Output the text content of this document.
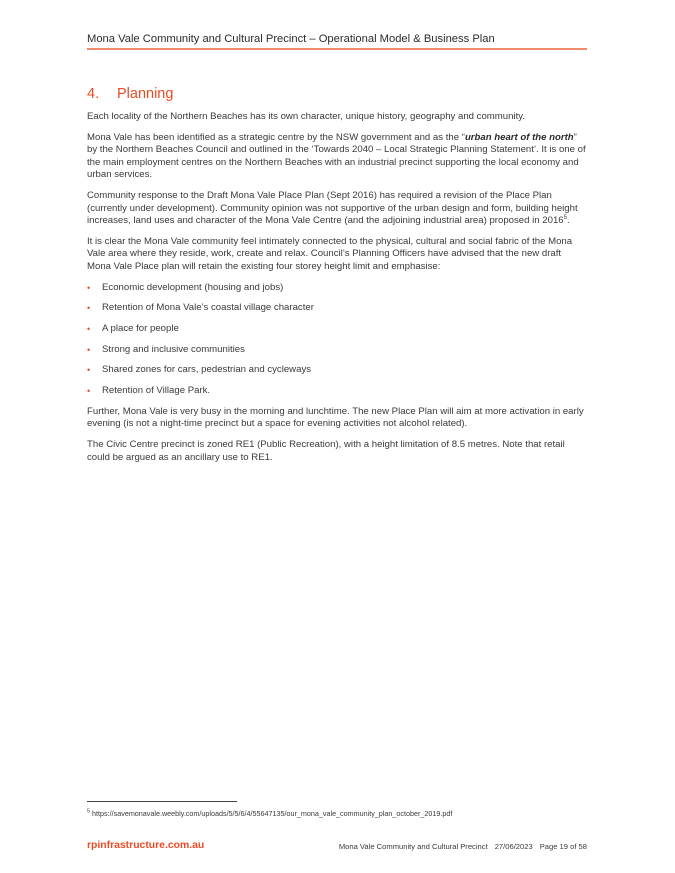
Mona Vale Community and Cultural Precinct – Operational Model & Business Plan
4. Planning

Each locality of the Northern Beaches has its own character, unique history, geography and community.

Mona Vale has been identified as a strategic centre by the NSW government and as the “urban heart of the north” by the Northern Beaches Council and outlined in the ‘Towards 2040 – Local Strategic Planning Statement’. It is one of the main employment centres on the Northern Beaches with an industrial precinct supporting the local economy and urban services.

Community response to the Draft Mona Vale Place Plan (Sept 2016) has required a revision of the Place Plan (currently under development). Community opinion was not supportive of the urban design and form, building height increases, land uses and character of the Mona Vale Centre (and the adjoining industrial area) proposed in 2016$^5$.

It is clear the Mona Vale community feel intimately connected to the physical, cultural and social fabric of the Mona Vale area where they reside, work, create and relax. Council’s Planning Officers have advised that the new draft Mona Vale Place plan will retain the existing four storey height limit and emphasise:

• Economic development (housing and jobs)
• Retention of Mona Vale’s coastal village character
• A place for people
• Strong and inclusive communities
• Shared zones for cars, pedestrian and cycleways
• Retention of Village Park.

Further, Mona Vale is very busy in the morning and lunchtime. The new Place Plan will aim at more activation in early evening (is not a night-time precinct but a space for evening activities not alcohol related).

The Civic Centre precinct is zoned RE1 (Public Recreation), with a height limitation of 8.5 metres. Note that retail could be argued as an ancillary use to RE1.

$^5$ https://savemonavale.weebly.com/uploads/5/5/6/4/55647135/our_mona_vale_community_plan_october_2019.pdf
rpinfrastructure.com.au	Mona Vale Community and Cultural Precinct 27/06/2023 Page 19 of 58
